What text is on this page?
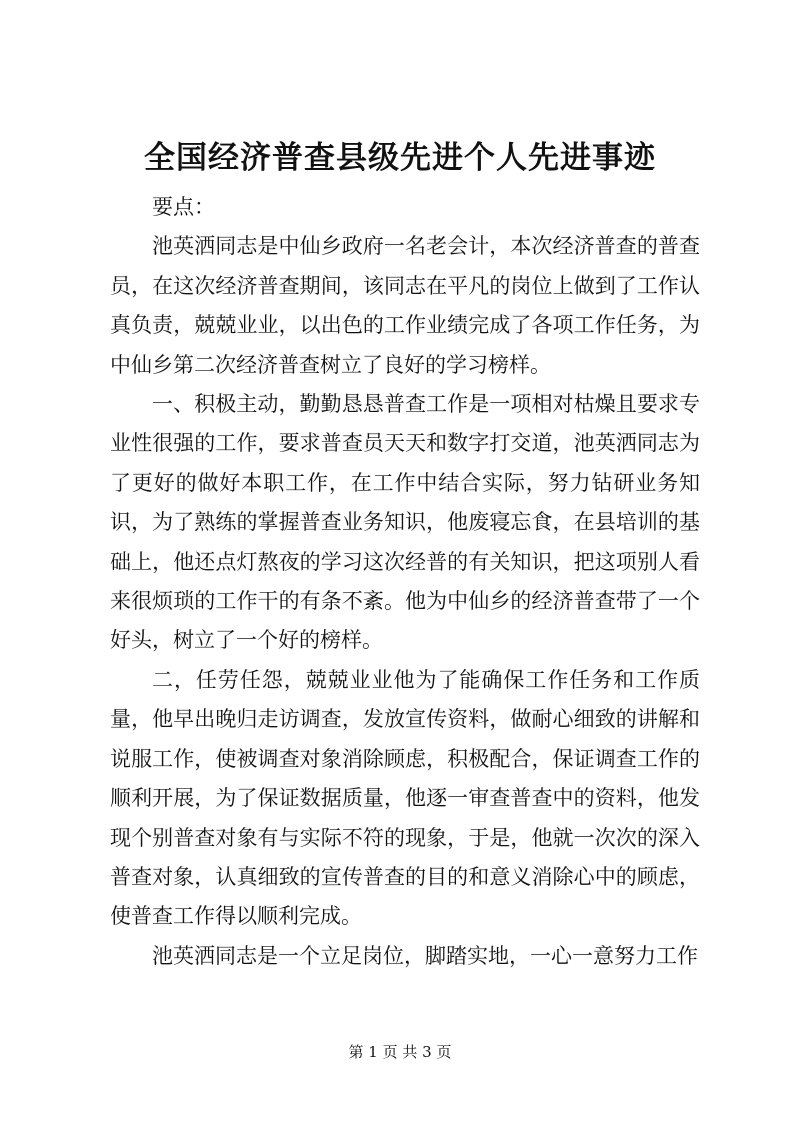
全国经济普查县级先进个人先进事迹

要点：

池英洒同志是中仙乡政府一名老会计，本次经济普查的普查员，在这次经济普查期间，该同志在平凡的岗位上做到了工作认真负责，兢兢业业，以出色的工作业绩完成了各项工作任务，为中仙乡第二次经济普查树立了良好的学习榜样。

一、积极主动，勤勤恳恳普查工作是一项相对枯燥且要求专业性很强的工作，要求普查员天天和数字打交道，池英洒同志为了更好的做好本职工作，在工作中结合实际，努力钻研业务知识，为了熟练的掌握普查业务知识，他废寝忘食，在县培训的基础上，他还点灯熬夜的学习这次经普的有关知识，把这项别人看来很烦琐的工作干的有条不紊。他为中仙乡的经济普查带了一个好头，树立了一个好的榜样。

二，任劳任怨，兢兢业业他为了能确保工作任务和工作质量，他早出晚归走访调查，发放宣传资料，做耐心细致的讲解和说服工作，使被调查对象消除顾虑，积极配合，保证调查工作的顺利开展，为了保证数据质量，他逐一审查普查中的资料，他发现个别普查对象有与实际不符的现象，于是，他就一次次的深入普查对象，认真细致的宣传普查的目的和意义消除心中的顾虑，使普查工作得以顺利完成。

池英洒同志是一个立足岗位，脚踏实地，一心一意努力工作

第 1 页 共 3 页
